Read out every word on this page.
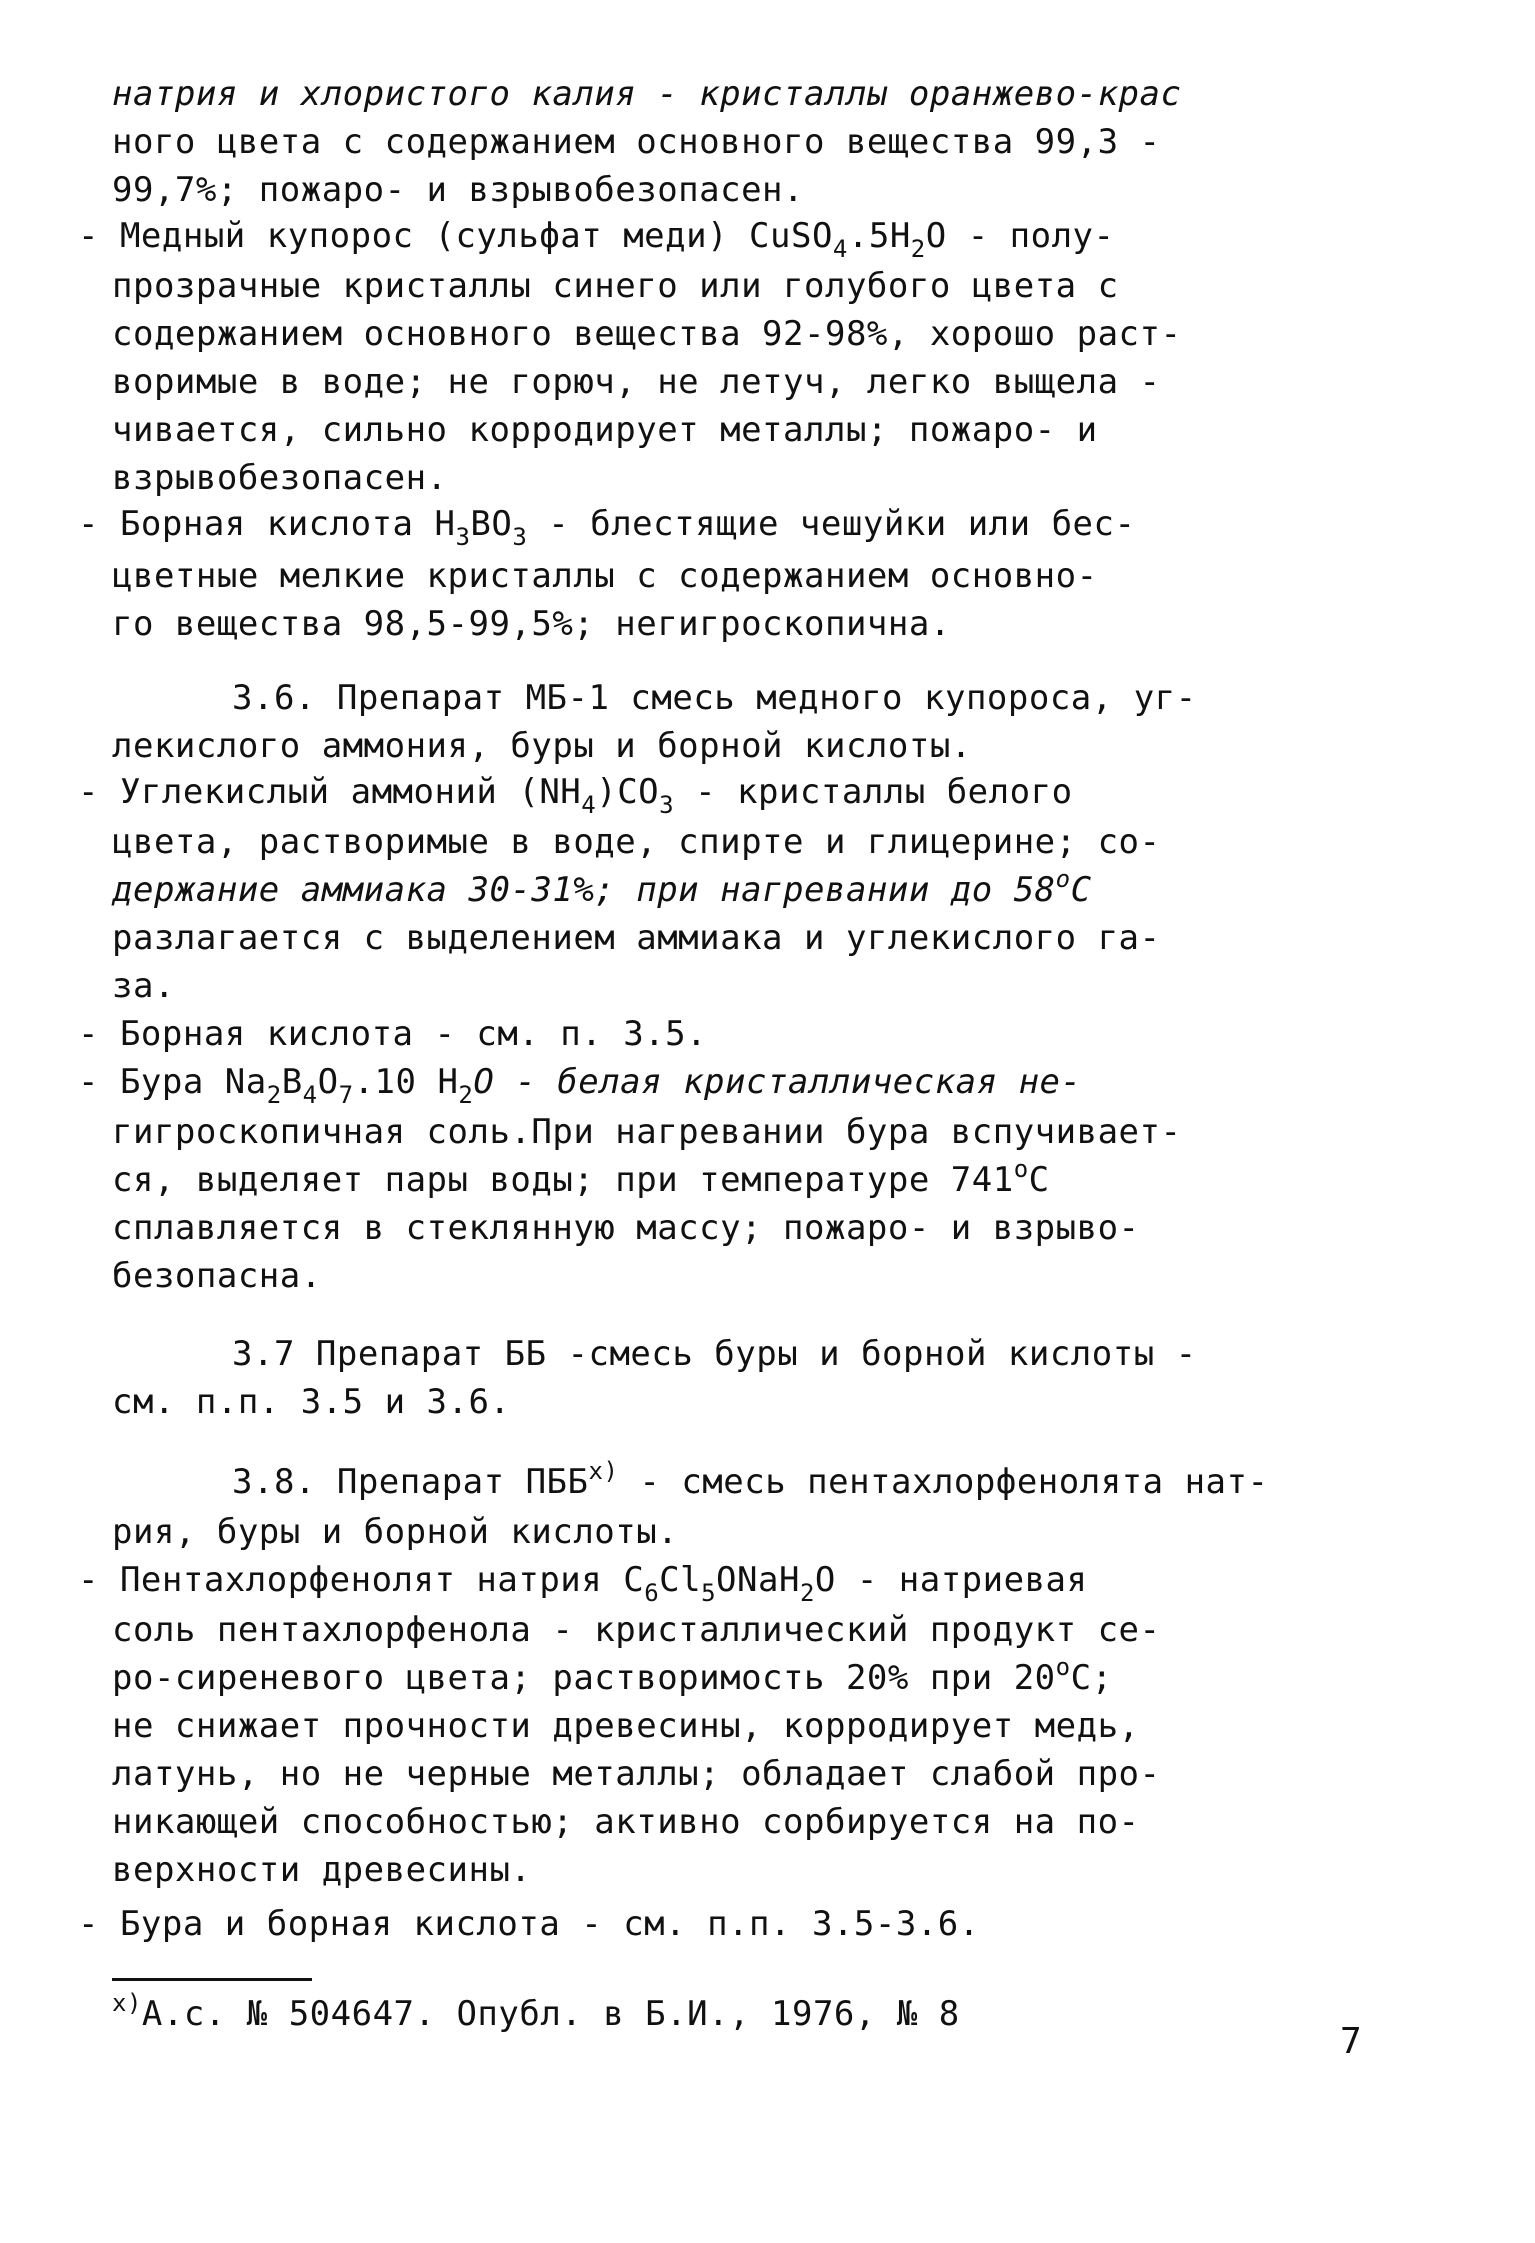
натрия и хлористого калия - кристаллы оранжево-крас
ного цвета с содержанием основного вещества 99,3 -
99,7%; пожаро- и взрывобезопасен.
- Медный купорос (сульфат меди) $CuSO_4.5H_2O$ - полу-
прозрачные кристаллы синего или голубого цвета с
содержанием основного вещества 92-98%, хорошо раст-
воримые в воде; не горюч, не летуч, легко выщела -
чивается, сильно корродирует металлы; пожаро- и
взрывобезопасен.
- Борная кислота $H_3BO_3$ - блестящие чешуйки или бес-
цветные мелкие кристаллы с содержанием основно-
го вещества 98,5-99,5%; негигроскопична.
3.6. Препарат МБ-1 смесь медного купороса, уг-
лекислого аммония, буры и борной кислоты.
- Углекислый аммоний $(NH_4)CO_3$ - кристаллы белого
цвета, растворимые в воде, спирте и глицерине; со-
держание аммиака 30-31%; при нагревании до 58$^o$C
разлагается с выделением аммиака и углекислого га-
за.
- Борная кислота - см. п. 3.5.
- Бура $Na_2B_4O_7.10$ $H_2O$ - белая кристаллическая не-
гигроскопичная соль.При нагревании бура вспучивает-
ся, выделяет пары воды; при температуре 741$^o$C
сплавляется в стеклянную массу; пожаро- и взрыво-
безопасна.
3.7 Препарат ББ -смесь буры и борной кислоты -
см. п.п. 3.5 и 3.6.
3.8. Препарат ПББ$^{x)}$ - смесь пентахлорфенолята нат-
рия, буры и борной кислоты.
- Пентахлорфенолят натрия $C_6Cl_5ONaH_2O$ - натриевая
соль пентахлорфенола - кристаллический продукт се-
ро-сиреневого цвета; растворимость 20% при 20$^o$C;
не снижает прочности древесины, корродирует медь,
латунь, но не черные металлы; обладает слабой про-
никающей способностью; активно сорбируется на по-
верхности древесины.
- Бура и борная кислота - см. п.п. 3.5-3.6.
$^{x)}$А.с. № 504647. Опубл. в Б.И., 1976, № 8
7
